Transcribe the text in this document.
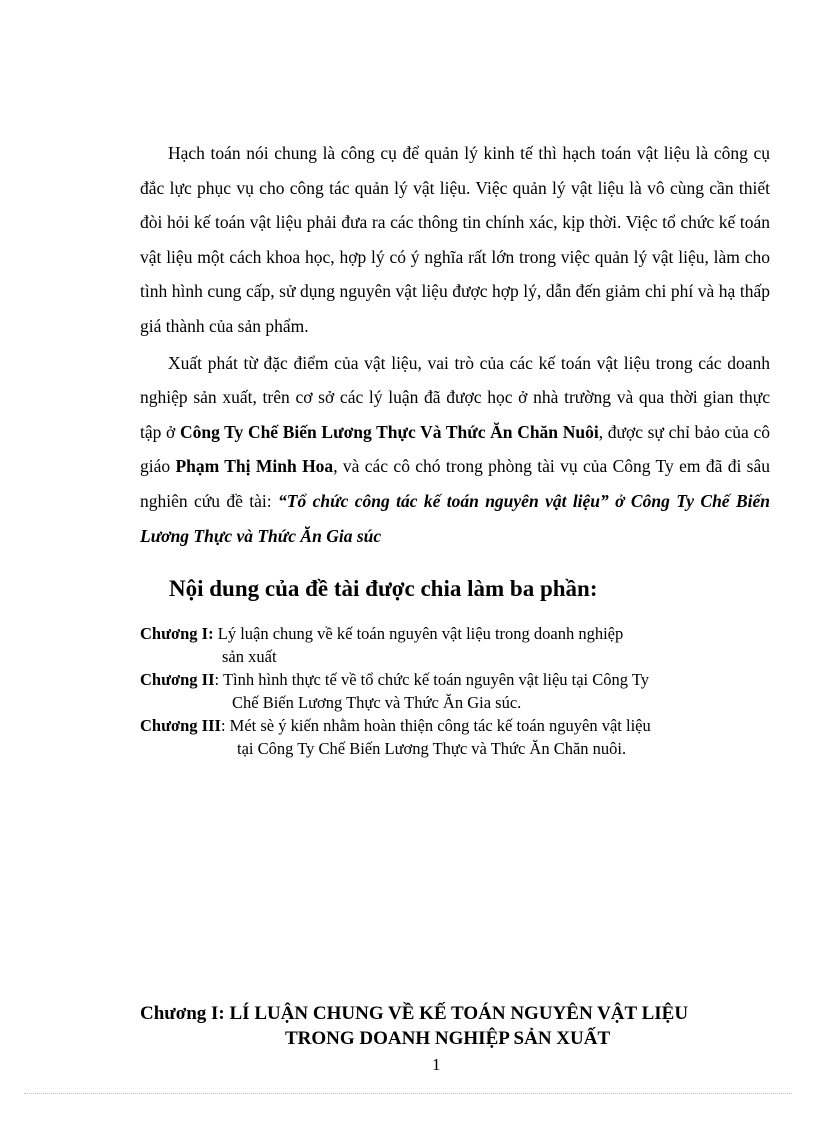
Hạch toán nói chung là công cụ để quản lý kinh tế thì hạch toán vật liệu là công cụ đắc lực phục vụ cho công tác quản lý vật liệu. Việc quản lý vật liệu là vô cùng cần thiết đòi hỏi kế toán vật liệu phải đưa ra các thông tin chính xác, kịp thời. Việc tổ chức kế toán vật liệu một cách khoa học, hợp lý có ý nghĩa rất lớn trong việc quản lý vật liệu, làm cho tình hình cung cấp, sử dụng nguyên vật liệu được hợp lý, dẫn đến giảm chi phí và hạ thấp giá thành của sản phẩm.

Xuất phát từ đặc điểm của vật liệu, vai trò của các kế toán vật liệu trong các doanh nghiệp sản xuất, trên cơ sở các lý luận đã được học ở nhà trường và qua thời gian thực tập ở Công Ty Chế Biến Lương Thực Và Thức Ăn Chăn Nuôi, được sự chỉ bảo của cô giáo Phạm Thị Minh Hoa, và các cô chó trong phòng tài vụ của Công Ty em đã đi sâu nghiên cứu đề tài: “Tổ chức công tác kế toán nguyên vật liệu” ở Công Ty Chế Biến Lương Thực và Thức Ăn Gia súc

Nội dung của đề tài được chia làm ba phần:
Chương I: Lý luận chung về kế toán nguyên vật liệu trong doanh nghiệp
sản xuất
Chương II: Tình hình thực tế về tổ chức kế toán nguyên vật liệu tại Công Ty
Chế Biến Lương Thực và Thức Ăn Gia súc.
Chương III: Mét sè ý kiến nhằm hoàn thiện công tác kế toán nguyên vật liệu
tại Công Ty Chế Biến Lương Thực và Thức Ăn Chăn nuôi.
Chương I: LÍ LUẬN CHUNG VỀ KẾ TOÁN NGUYÊN VẬT LIỆU
TRONG DOANH NGHIỆP SẢN XUẤT
1
